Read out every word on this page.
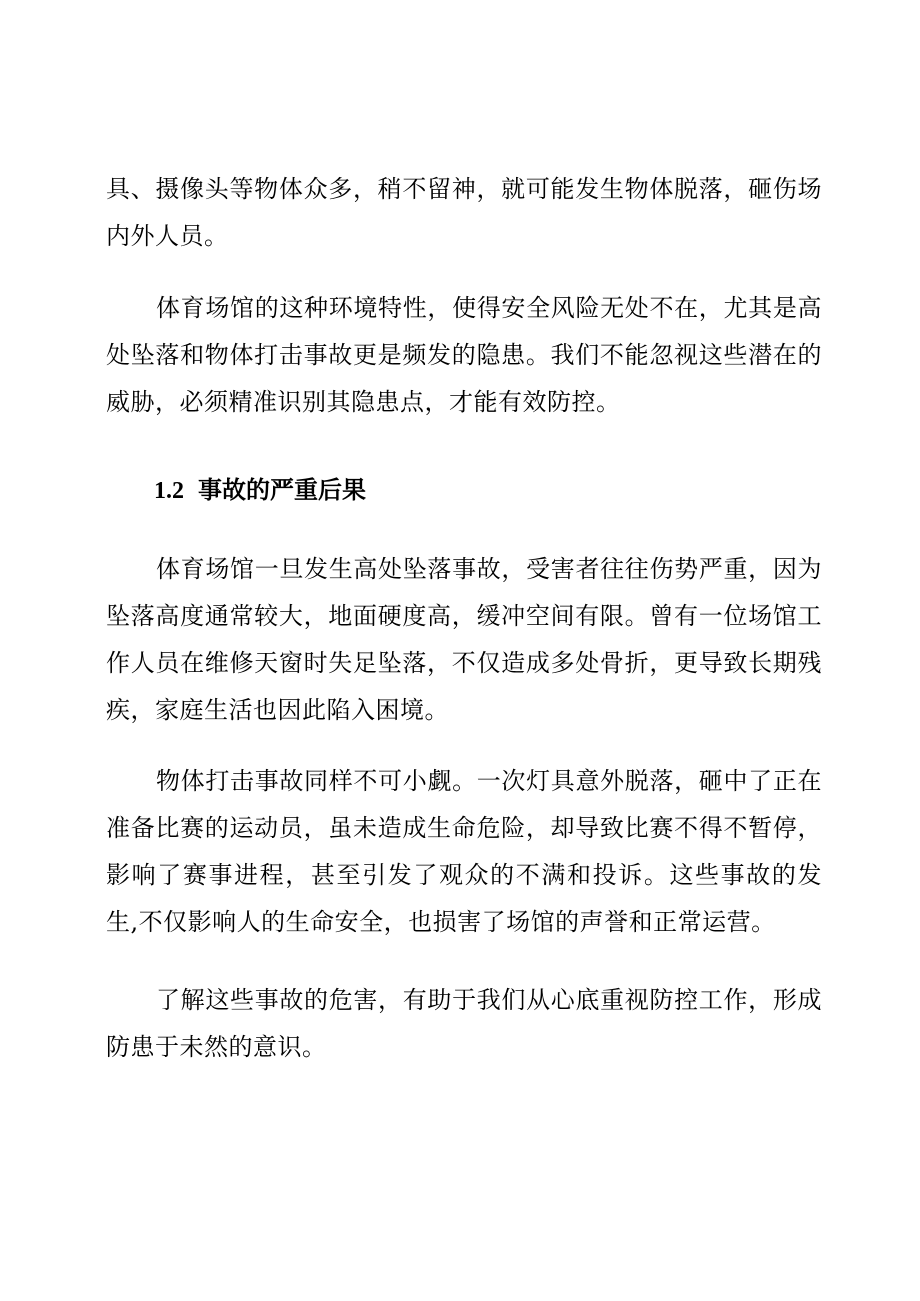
具、摄像头等物体众多，稍不留神，就可能发生物体脱落，砸伤场内外人员。

体育场馆的这种环境特性，使得安全风险无处不在，尤其是高处坠落和物体打击事故更是频发的隐患。我们不能忽视这些潜在的威胁，必须精准识别其隐患点，才能有效防控。

1.2 事故的严重后果

体育场馆一旦发生高处坠落事故，受害者往往伤势严重，因为坠落高度通常较大，地面硬度高，缓冲空间有限。曾有一位场馆工作人员在维修天窗时失足坠落，不仅造成多处骨折，更导致长期残疾，家庭生活也因此陷入困境。

物体打击事故同样不可小觑。一次灯具意外脱落，砸中了正在准备比赛的运动员，虽未造成生命危险，却导致比赛不得不暂停，影响了赛事进程，甚至引发了观众的不满和投诉。这些事故的发生,不仅影响人的生命安全，也损害了场馆的声誉和正常运营。

了解这些事故的危害，有助于我们从心底重视防控工作，形成防患于未然的意识。
